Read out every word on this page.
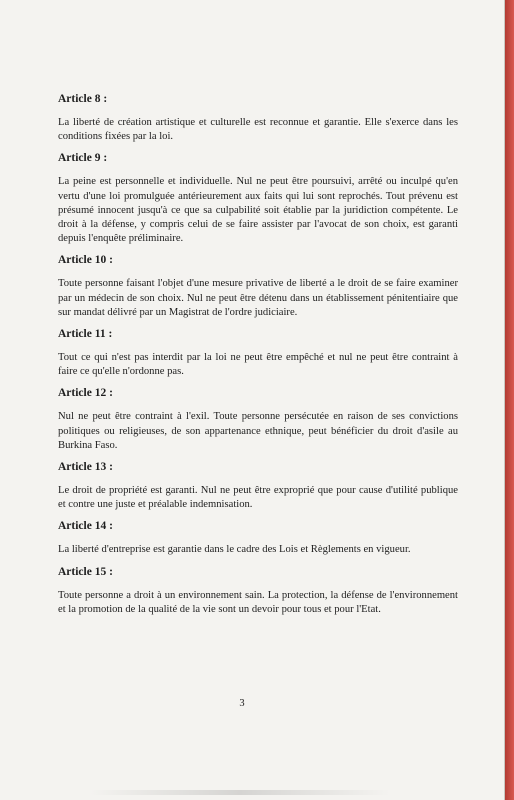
Article 8 :

La liberté de création artistique et culturelle est reconnue et garantie. Elle s'exerce dans les conditions fixées par la loi.

Article 9 :

La peine est personnelle et individuelle. Nul ne peut être poursuivi, arrêté ou inculpé qu'en vertu d'une loi promulguée antérieurement aux faits qui lui sont reprochés. Tout prévenu est présumé innocent jusqu'à ce que sa culpabilité soit établie par la juridiction compétente. Le droit à la défense, y compris celui de se faire assister par l'avocat de son choix, est garanti depuis l'enquête préliminaire.

Article 10 :

Toute personne faisant l'objet d'une mesure privative de liberté a le droit de se faire examiner par un médecin de son choix. Nul ne peut être détenu dans un établissement pénitentiaire que sur mandat délivré par un Magistrat de l'ordre judiciaire.

Article 11 :

Tout ce qui n'est pas interdit par la loi ne peut être empêché et nul ne peut être contraint à faire ce qu'elle n'ordonne pas.

Article 12 :

Nul ne peut être contraint à l'exil. Toute personne persécutée en raison de ses convictions politiques ou religieuses, de son appartenance ethnique, peut bénéficier du droit d'asile au Burkina Faso.

Article 13 :

Le droit de propriété est garanti. Nul ne peut être exproprié que pour cause d'utilité publique et contre une juste et préalable indemnisation.

Article 14 :

La liberté d'entreprise est garantie dans le cadre des Lois et Règlements en vigueur.

Article 15 :

Toute personne a droit à un environnement sain. La protection, la défense de l'environnement et la promotion de la qualité de la vie sont un devoir pour tous et pour l'Etat.

3
